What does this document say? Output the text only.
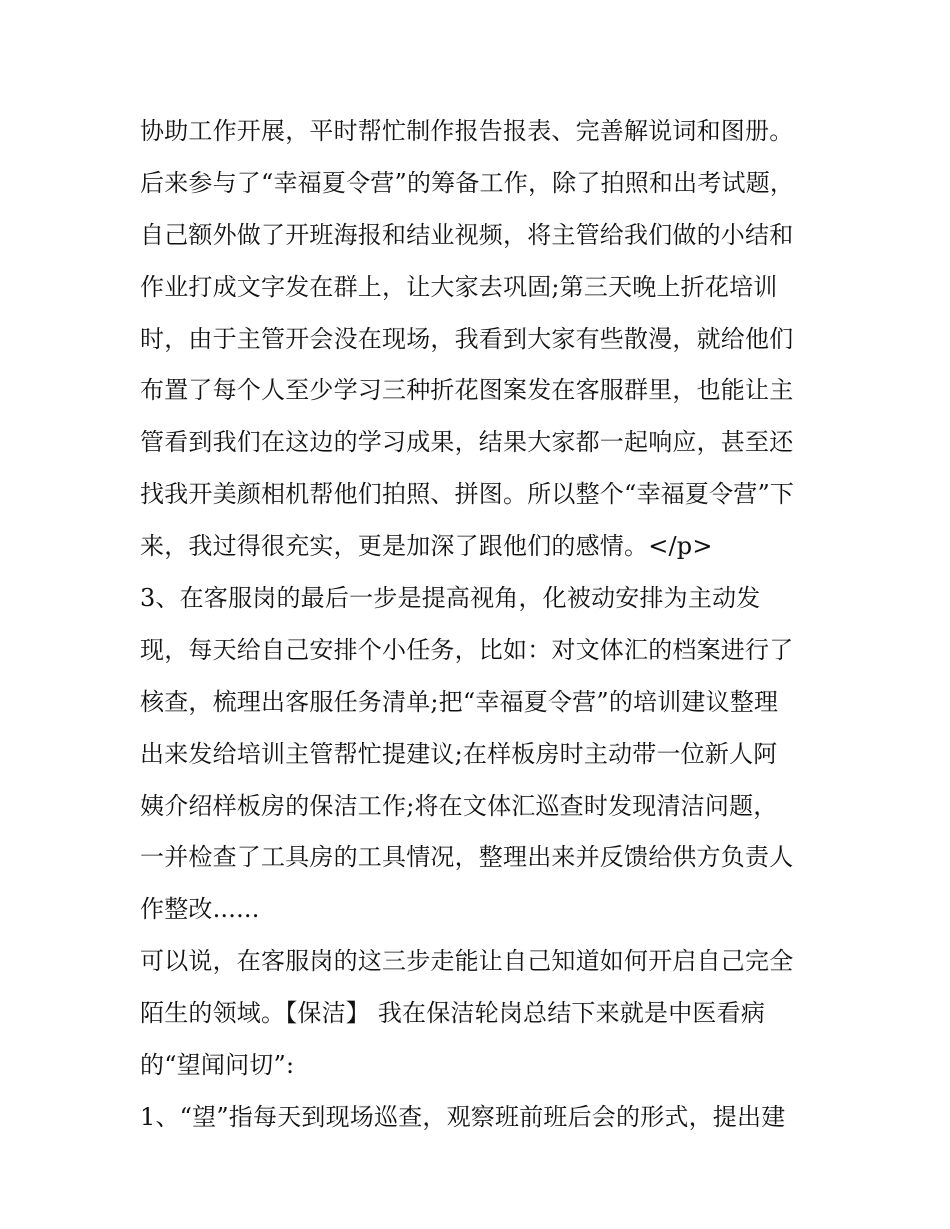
协助工作开展，平时帮忙制作报告报表、完善解说词和图册。
后来参与了“幸福夏令营”的筹备工作，除了拍照和出考试题，
自己额外做了开班海报和结业视频，将主管给我们做的小结和
作业打成文字发在群上，让大家去巩固;第三天晚上折花培训
时，由于主管开会没在现场，我看到大家有些散漫，就给他们
布置了每个人至少学习三种折花图案发在客服群里，也能让主
管看到我们在这边的学习成果，结果大家都一起响应，甚至还
找我开美颜相机帮他们拍照、拼图。所以整个“幸福夏令营”下
来，我过得很充实，更是加深了跟他们的感情。</p>
3、在客服岗的最后一步是提高视角，化被动安排为主动发
现，每天给自己安排个小任务，比如：对文体汇的档案进行了
核查，梳理出客服任务清单;把“幸福夏令营”的培训建议整理
出来发给培训主管帮忙提建议;在样板房时主动带一位新人阿
姨介绍样板房的保洁工作;将在文体汇巡查时发现清洁问题，
一并检查了工具房的工具情况，整理出来并反馈给供方负责人
作整改......
可以说，在客服岗的这三步走能让自己知道如何开启自己完全
陌生的领域。【保洁】 我在保洁轮岗总结下来就是中医看病
的“望闻问切”:
1、“望”指每天到现场巡查，观察班前班后会的形式，提出建
